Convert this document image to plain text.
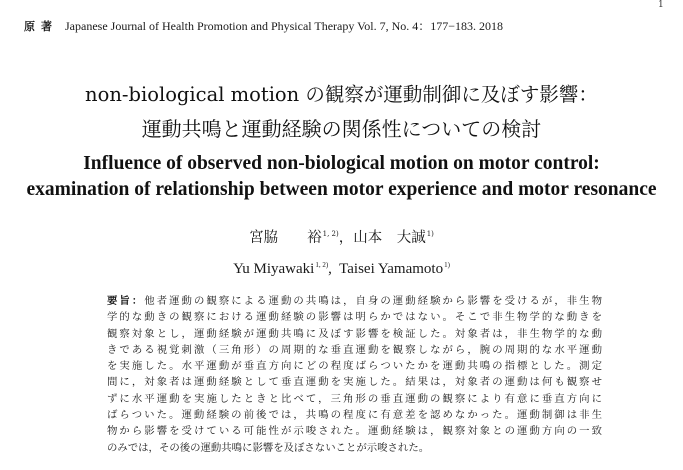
1
原著 Japanese Journal of Health Promotion and Physical Therapy Vol. 7, No. 4：177−183. 2018
non-biological motion の観察が運動制御に及ぼす影響：
運動共鳴と運動経験の関係性についての検討
Influence of observed non-biological motion on motor control:
examination of relationship between motor experience and motor resonance
宮脇　　裕$^{1, 2)}$，山本　大誠$^{1)}$
Yu Miyawaki$^{1, 2)}$, Taisei Yamamoto$^{1)}$
要旨：他者運動の観察による運動の共鳴は，自身の運動経験から影響を受けるが，非生物
学的な動きの観察における運動経験の影響は明らかではない。そこで非生物学的な動きを
観察対象とし，運動経験が運動共鳴に及ぼす影響を検証した。対象者は，非生物学的な動
きである視覚刺激（三角形）の周期的な垂直運動を観察しながら，腕の周期的な水平運動
を実施した。水平運動が垂直方向にどの程度ばらついたかを運動共鳴の指標とした。測定
間に，対象者は運動経験として垂直運動を実施した。結果は，対象者の運動は何も観察せ
ずに水平運動を実施したときと比べて，三角形の垂直運動の観察により有意に垂直方向に
ばらついた。運動経験の前後では，共鳴の程度に有意差を認めなかった。運動制御は非生
物から影響を受けている可能性が示唆された。運動経験は，観察対象との運動方向の一致
のみでは，その後の運動共鳴に影響を及ぼさないことが示唆された。
